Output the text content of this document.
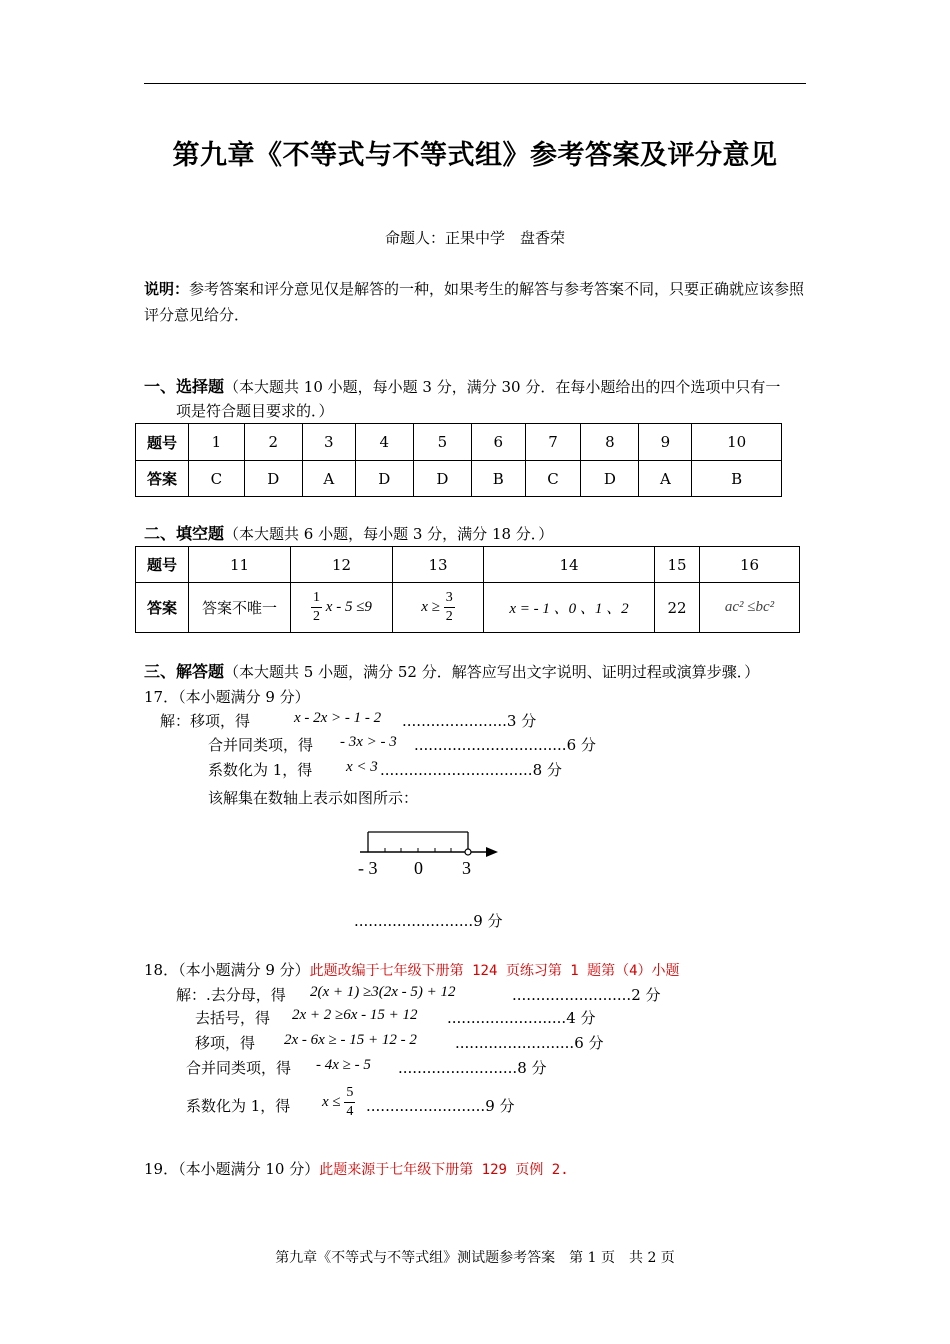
第九章《不等式与不等式组》参考答案及评分意见
命题人：正果中学　盘香荣
说明：参考答案和评分意见仅是解答的一种，如果考生的解答与参考答案不同，只要正确就应该参照评分意见给分．
一、选择题（本大题共 10 小题，每小题 3 分，满分 30 分．在每小题给出的四个选项中只有一
项是符合题目要求的．）
题号	1	2	3	4	5	6	7	8	9	10
答案	C	D	A	D	D	B	C	D	A	B
二、填空题（本大题共 6 小题，每小题 3 分，满分 18 分．）
题号	11	12	13	14	15	16
答案	答案不唯一	$\frac{1}{2}$ x - 5 ≤9	$x \ge \frac{3}{2}$	x = - 1 、0 、1 、2	22	ac² ≤bc²
三、解答题（本大题共 5 小题，满分 52 分．解答应写出文字说明、证明过程或演算步骤．）
17．（本小题满分 9 分）
解：移项，得	x - 2x > - 1 - 2 ......................3 分
合并同类项，得 - 3x > - 3 ................................6 分
系数化为 1，得 x < 3 ................................8 分
该解集在数轴上表示如图所示：
- 3 0 3
.........................9 分
18．（本小题满分 9 分）此题改编于七年级下册第 124 页练习第 1 题第（4）小题
解：.去分母，得 2(x + 1) ≥3(2x - 5) + 12	.........................2 分
去括号，得 2x + 2 ≥6x - 15 + 12 .........................4 分
移项，得 2x - 6x ≥ - 15 + 12 - 2	.........................6 分
合并同类项，得 - 4x ≥ - 5 .........................8 分
系数化为 1，得 $x \le \frac{5}{4} .........................9$ 分
19．（本小题满分 10 分）此题来源于七年级下册第 129 页例 2.
第九章《不等式与不等式组》测试题参考答案　第 1 页　共 2 页
